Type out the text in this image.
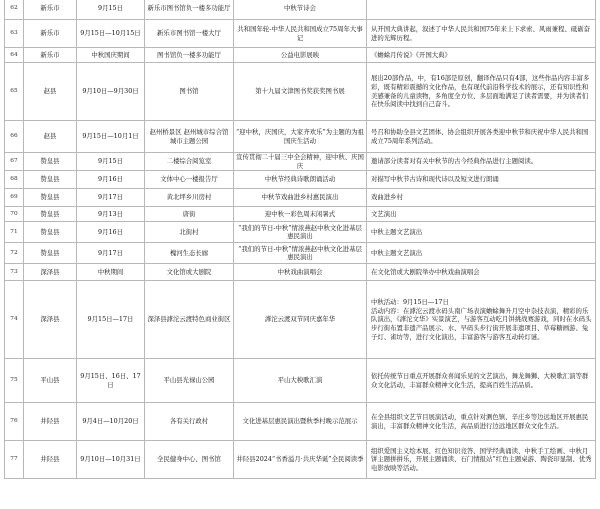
62	新乐市	9月15日	新乐市图书馆负一楼多功能厅	中秋节诗会	
63	新乐市	9月15日—10月15日	新乐市图书馆一楼大厅	共和国年轮-中华人民共和国成立75周年大事记	从开国大典讲起，叙述了中华人民共和国75年来上下求索、风雨兼程、砥砺奋进的光辉历程。
64	新乐市	中秋国庆期间	图书馆负一楼多功能厅	公益电影展映	《蟾蜍月传说》《开国大典》
65	赵县	9月10日—9月30日	图书馆	第十九届文津图书奖获奖图书展	展出20部作品，中，有16部是原创，翻译作品只有4部，这些作品内容丰富多彩，既有精彩震撼的文化作品，也有现代前沿科学技术的展示，还有知识性和美感兼备的儿童读物，多角度全方位、多层面地满足了读者需要，并为读者们在快乐阅读中找到自己奋斗。
66	赵县	9月15日—10月1日	赵州桥景区 赵州城市综合馆 城市主题公园	“迎中秋，庆国庆，大家齐欢乐”为主题的为祖国庆生活动	号召和协助全县文艺团体、协会组织开展各类迎中秋节和庆祝中华人民共和国成立75周年系列活动。
67	赞皇县	9月15日	二楼综合阅览室	宣传贯彻二十届三中全会精神，迎中秋、庆国庆	邀请部分读者对有关中秋节的古今经典作品进行主题阅读。
68	赞皇县	9月16日	文体中心一楼报告厅	中秋节经典诗歌朗诵活动	对描写中秋节古诗和现代诗以及短文进行朗诵
69	赞皇县	9月17日	黄北坪乡川房村	中秋节戏曲进乡村惠民演出	戏曲进乡村
70	赞皇县	9月13日	唐街	迎中秋一彩色周末闲暑式	文艺演出
71	赞皇县	9月16日	北街村	“我们的节日-中秋”情浓燕赵中秋文化进基层惠民演出	中秋主题文艺演出
72	赞皇县	9月17日	槐河生态长廊	“我们的节日-中秋”情浓燕赵中秋文化进基层惠民演出	中秋主题文艺演出
73	深泽县	中秋期间	文化馆或大剧院	中秋戏曲演唱会	在文化馆或大剧院举办中秋戏曲演唱会
74	深泽县	9月15日—17日	深泽县滹沱云渡特色商业街区	滹沱云渡双节同庆嘉年华	中秋活动：9月15日—17日
活动内容：在滹沱云渡水码头南广场表演蟾蜍舞升月空中杂技表演，精彩的乐队演出，《滹沱文华》实景演艺，与游客互动吃月饼挑战赛游戏，同时在水码头步行街布置非遗产品展示、水、早码头步行街开展非遗项目、草莓糖画游、兔子灯、雀坊等，进行文化演出，丰富游客与游客互动转灯谜。
75	平山县	9月15日、16日、17日	平山县光禄山公园	平山大秧歌汇演	依托传统节日重点开展群众喜闻乐见的文艺演出，舞龙舞狮、大秧歌汇演等群众文化活动，丰富群众精神文化生活，提高百姓生活品质。
76	井陉县	9月4日—10月20日	各有关行政村	文化进基层惠民演出暨秋季村晚示范展示	在全县组织文艺节目展演活动，重点针对测色镇、辛庄乡等边远地区开展惠民演出，丰富群众精神文化生活，高品质进行边远地区群众文化生活。
77	井陉县	9月10日—10月31日	全民健身中心、图书馆	井陉县2024“书香溢月·共庆华诞”全民阅读季	组织爱国主义绘本展、红色知识竞答、国学经典诵读、中秋手工绘画、中秋月饼主题拼拼乐，开展主题诵读、石门情报站”红色主题桌游、陶瓷印显制、优秀电影放映等活动。
